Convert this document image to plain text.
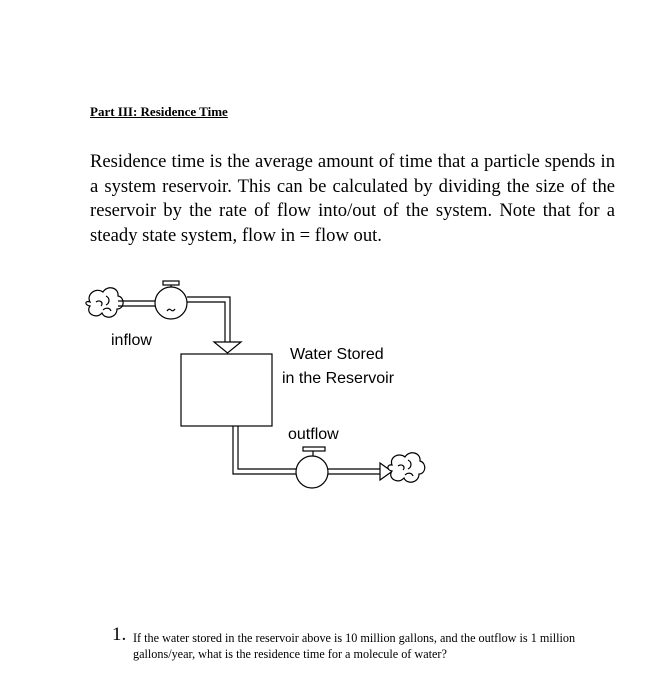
Part III: Residence Time

Residence time is the average amount of time that a particle spends in a system reservoir. This can be calculated by dividing the size of the reservoir by the rate of flow into/out of the system. Note that for a steady state system, flow in = flow out.

inflow
Water Stored
in the Reservoir
outflow
1. If the water stored in the reservoir above is 10 million gallons, and the outflow is 1 million gallons/year, what is the residence time for a molecule of water?
